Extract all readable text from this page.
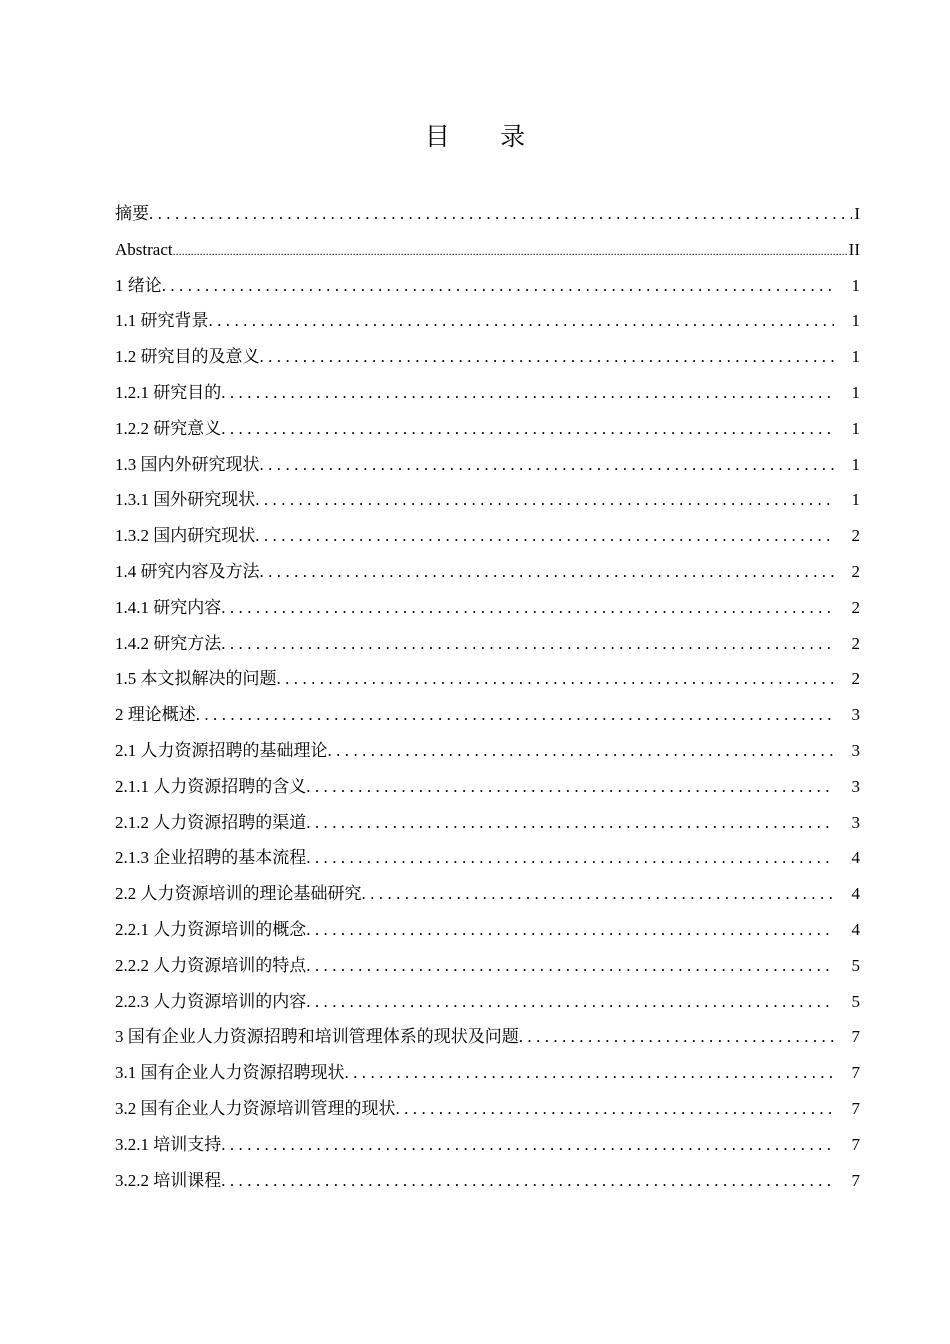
目 录
摘要 .....	I
Abstract .....	II
1 绪论 .....	1
1.1 研究背景 .....	1
1.2 研究目的及意义 .....	1
1.2.1 研究目的 .....	1
1.2.2 研究意义 .....	1
1.3 国内外研究现状 .....	1
1.3.1 国外研究现状 .....	1
1.3.2 国内研究现状 .....	2
1.4 研究内容及方法 .....	2
1.4.1 研究内容 .....	2
1.4.2 研究方法 .....	2
1.5 本文拟解决的问题 .....	2
2 理论概述 .....	3
2.1 人力资源招聘的基础理论 .....	3
2.1.1 人力资源招聘的含义 .....	3
2.1.2 人力资源招聘的渠道 .....	3
2.1.3 企业招聘的基本流程 .....	4
2.2 人力资源培训的理论基础研究 .....	4
2.2.1 人力资源培训的概念 .....	4
2.2.2 人力资源培训的特点 .....	5
2.2.3 人力资源培训的内容 .....	5
3 国有企业人力资源招聘和培训管理体系的现状及问题 .....	7
3.1 国有企业人力资源招聘现状 .....	7
3.2 国有企业人力资源培训管理的现状 .....	7
3.2.1 培训支持 .....	7
3.2.2 培训课程 .....	7
